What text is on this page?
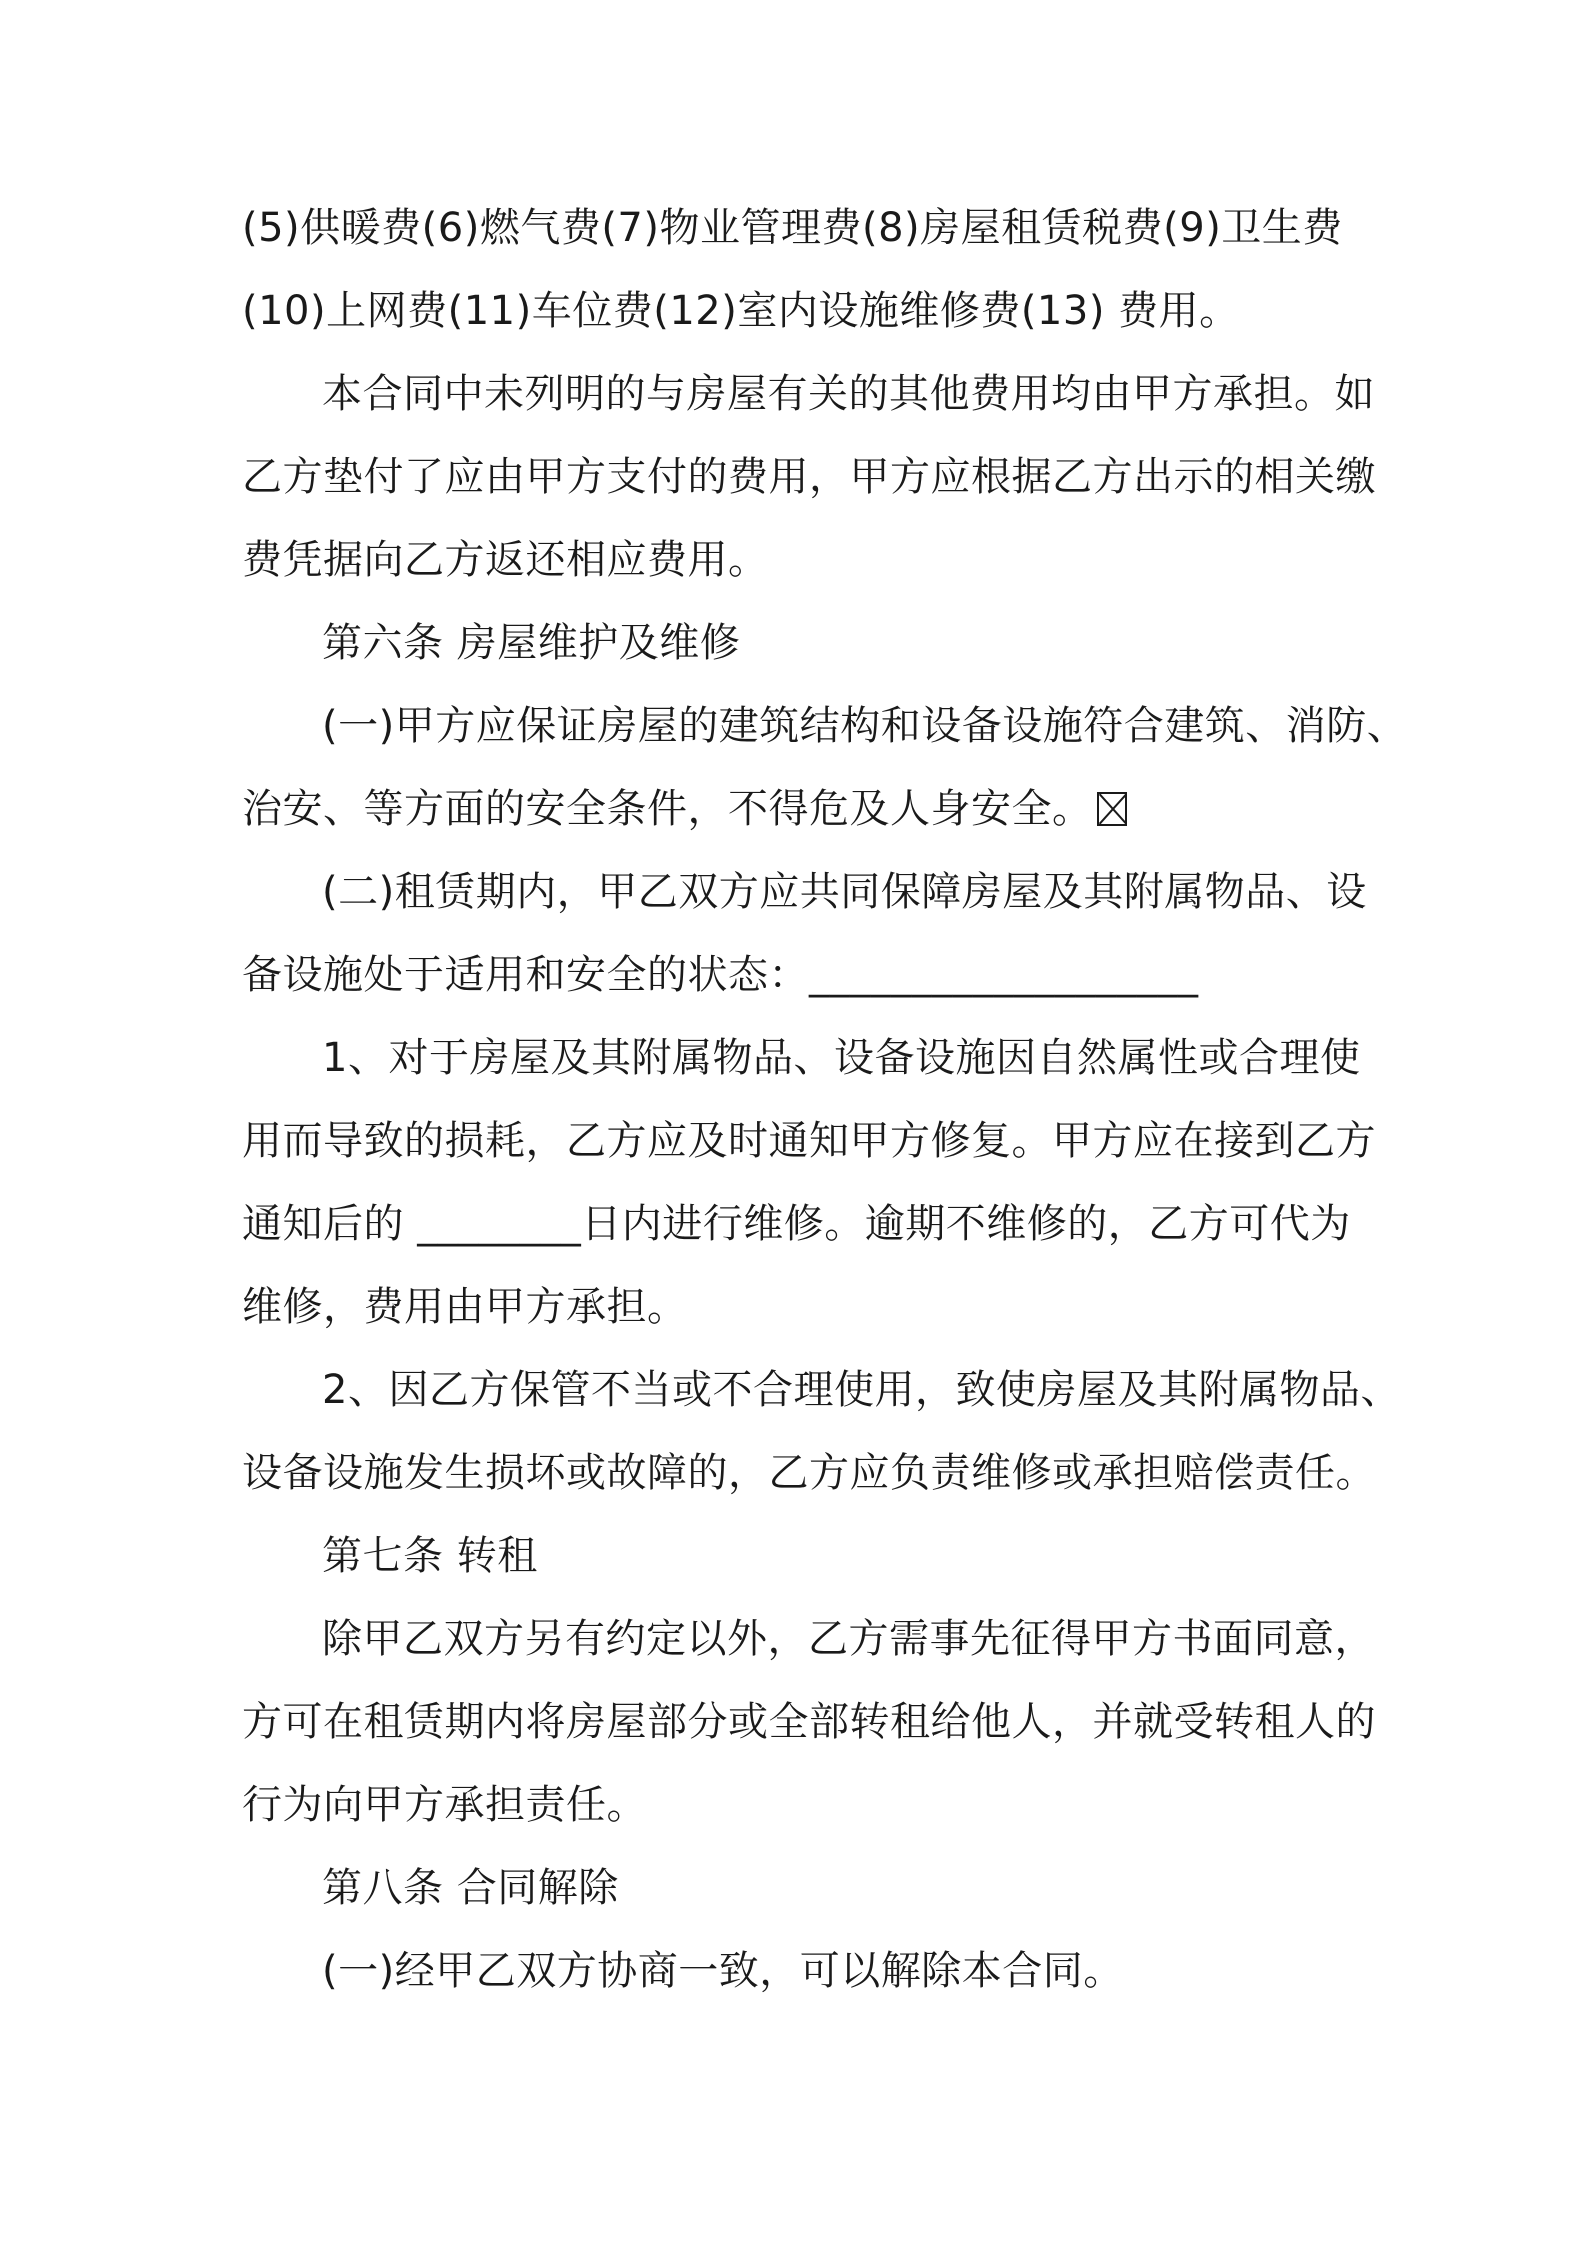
(5)供暖费(6)燃气费(7)物业管理费(8)房屋租赁税费(9)卫生费
(10)上网费(11)车位费(12)室内设施维修费(13) 费用。
本合同中未列明的与房屋有关的其他费用均由甲方承担。如
乙方垫付了应由甲方支付的费用，甲方应根据乙方出示的相关缴
费凭据向乙方返还相应费用。
第六条 房屋维护及维修
(一)甲方应保证房屋的建筑结构和设备设施符合建筑、消防、
治安、等方面的安全条件，不得危及人身安全。
(二)租赁期内，甲乙双方应共同保障房屋及其附属物品、设
备设施处于适用和安全的状态：___________________
1、对于房屋及其附属物品、设备设施因自然属性或合理使
用而导致的损耗，乙方应及时通知甲方修复。甲方应在接到乙方
通知后的 ________日内进行维修。逾期不维修的，乙方可代为
维修，费用由甲方承担。
2、因乙方保管不当或不合理使用，致使房屋及其附属物品、
设备设施发生损坏或故障的，乙方应负责维修或承担赔偿责任。
第七条 转租
除甲乙双方另有约定以外，乙方需事先征得甲方书面同意，
方可在租赁期内将房屋部分或全部转租给他人，并就受转租人的
行为向甲方承担责任。
第八条 合同解除
(一)经甲乙双方协商一致，可以解除本合同。
